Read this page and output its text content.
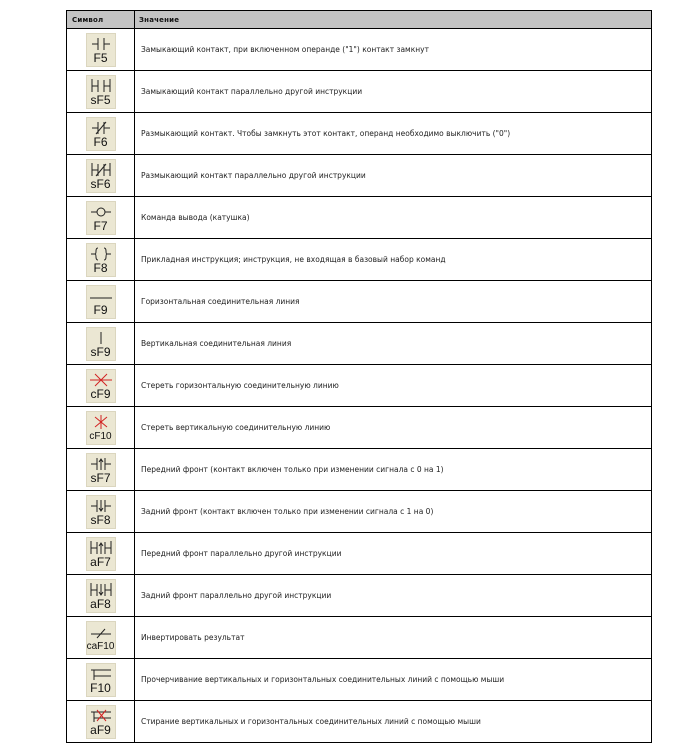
Символ	Значение

F5	Замыкающий контакт, при включенном операнде ("1") контакт замкнут

sF5	Замыкающий контакт параллельно другой инструкции

F6	Размыкающий контакт. Чтобы замкнуть этот контакт, операнд необходимо выключить ("0")

sF6	Размыкающий контакт параллельно другой инструкции

F7	Команда вывода (катушка)

F8	Прикладная инструкция; инструкция, не входящая в базовый набор команд

F9	Горизонтальная соединительная линия

sF9	Вертикальная соединительная линия

cF9	Стереть горизонтальную соединительную линию

cF10	Стереть вертикальную соединительную линию

sF7	Передний фронт (контакт включен только при изменении сигнала с 0 на 1)

sF8	Задний фронт (контакт включен только при изменении сигнала с 1 на 0)

aF7	Передний фронт параллельно другой инструкции

aF8	Задний фронт параллельно другой инструкции

caF10	Инвертировать результат

F10	Прочерчивание вертикальных и горизонтальных соединительных линий с помощью мыши

aF9	Стирание вертикальных и горизонтальных соединительных линий с помощью мыши
